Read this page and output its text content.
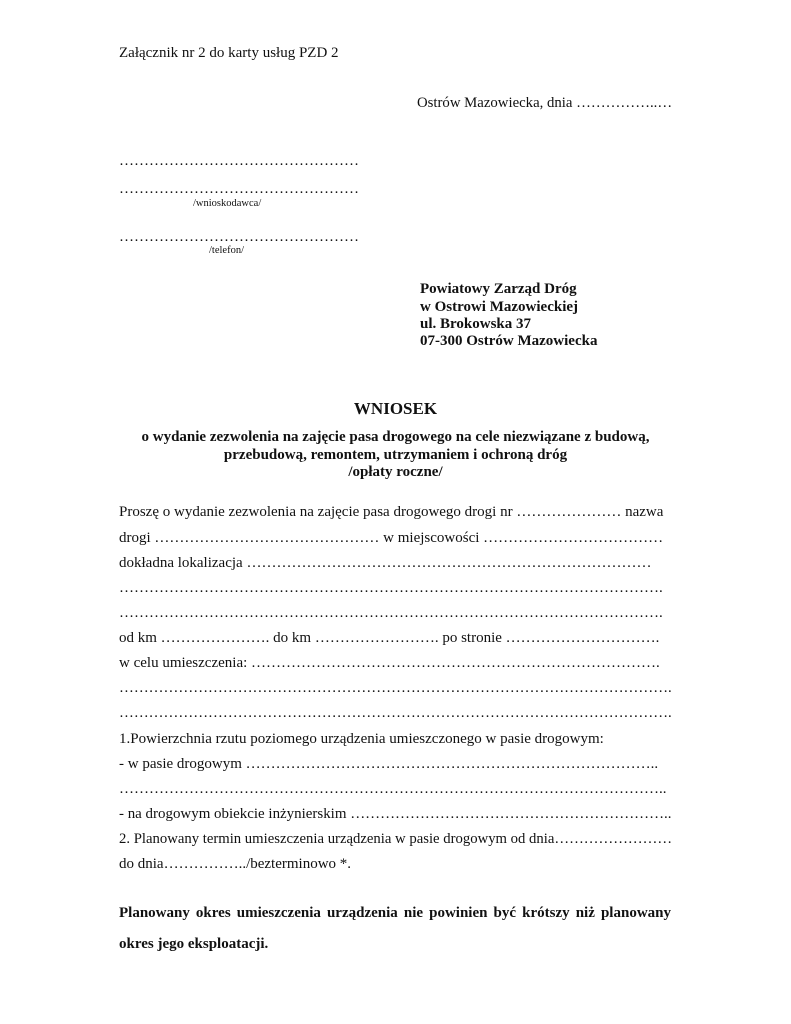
Załącznik nr 2 do karty usług PZD 2

Ostrów Mazowiecka, dnia ……………..…

…………………………………………

…………………………………………

/wnioskodawca/

…………………………………………

/telefon/

Powiatowy Zarząd Dróg

w Ostrowi Mazowieckiej

ul. Brokowska 37

07-300 Ostrów Mazowiecka

WNIOSEK

o wydanie zezwolenia na zajęcie pasa drogowego na cele niezwiązane z budową,

przebudową, remontem, utrzymaniem i ochroną dróg

/opłaty roczne/

Proszę o wydanie zezwolenia na zajęcie pasa drogowego drogi nr ………………… nazwa

drogi ……………………………………… w miejscowości ………………………………

dokładna lokalizacja ………………………………………………………………………

……………………………………………………………………………………………….

……………………………………………………………………………………………….

od km …………………. do km ……………………. po stronie ………………………….

w celu umieszczenia: ……………………………………………………………………….

………………………………………………………………………………………………….

………………………………………………………………………………………………….

1.Powierzchnia rzutu poziomego urządzenia umieszczonego w pasie drogowym:

- w pasie drogowym ………………………………………………………………………..

………………………………………………………………………………………………..

- na drogowym obiekcie inżynierskim ………………………………………………………..

2. Planowany termin umieszczenia urządzenia w pasie drogowym od dnia……………………

do dnia……………../bezterminowo *.

Planowany okres umieszczenia urządzenia nie powinien być krótszy niż planowany okres jego eksploatacji.
